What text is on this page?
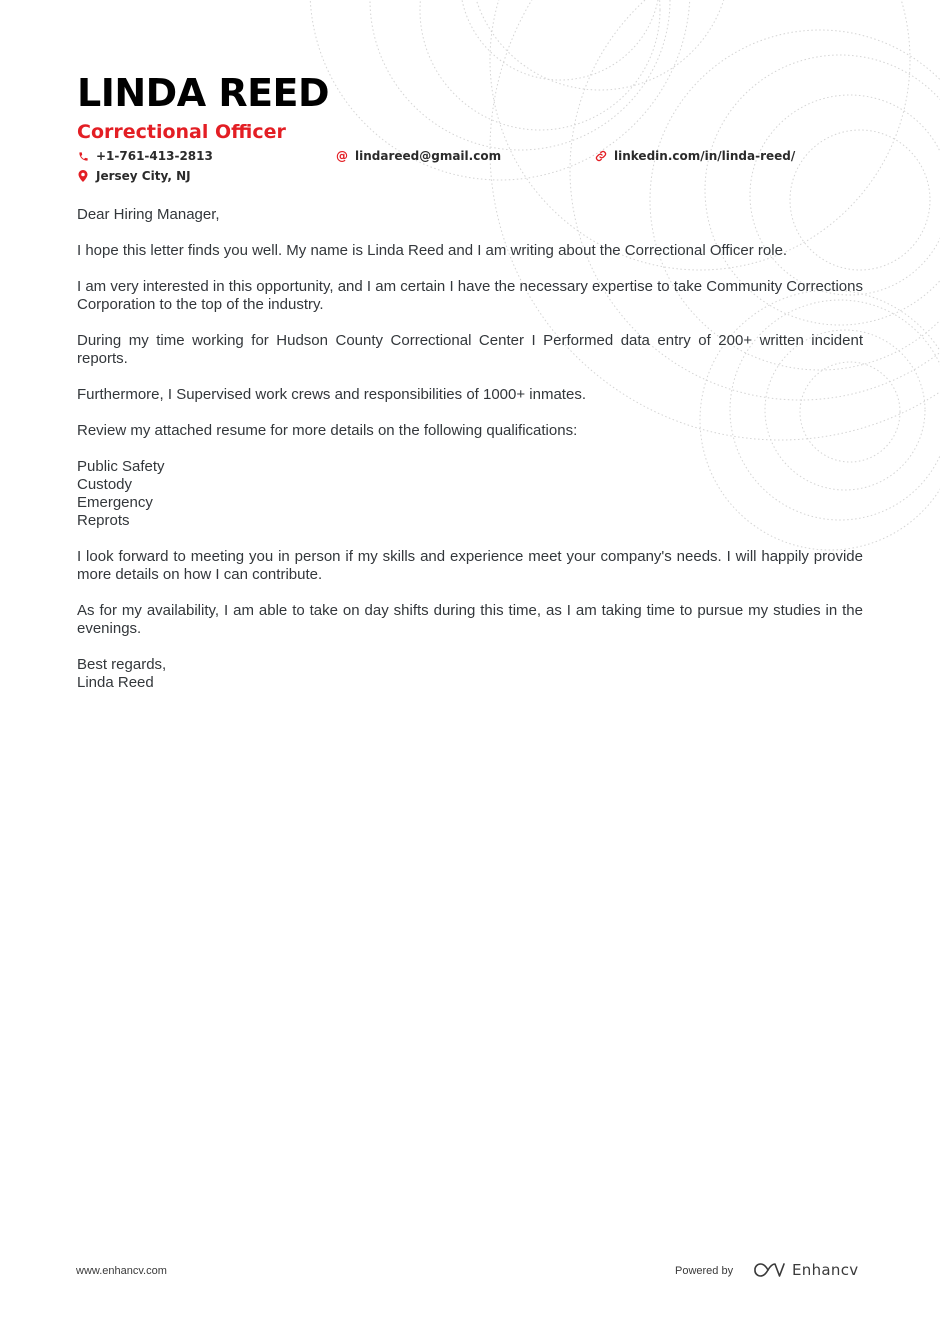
LINDA REED
Correctional Officer
+1-761-413-2813	@ lindareed@gmail.com	linkedin.com/in/linda-reed/
Jersey City, NJ

Dear Hiring Manager,

I hope this letter finds you well. My name is Linda Reed and I am writing about the Correctional Officer role.

I am very interested in this opportunity, and I am certain I have the necessary expertise to take Community Corrections Corporation to the top of the industry.

During my time working for Hudson County Correctional Center I Performed data entry of 200+ written incident reports.

Furthermore, I Supervised work crews and responsibilities of 1000+ inmates.

Review my attached resume for more details on the following qualifications:

Public Safety
Custody
Emergency
Reprots

I look forward to meeting you in person if my skills and experience meet your company's needs. I will happily provide more details on how I can contribute.

As for my availability, I am able to take on day shifts during this time, as I am taking time to pursue my studies in the evenings.

Best regards,
Linda Reed
www.enhancv.com	Powered by	Enhancv
